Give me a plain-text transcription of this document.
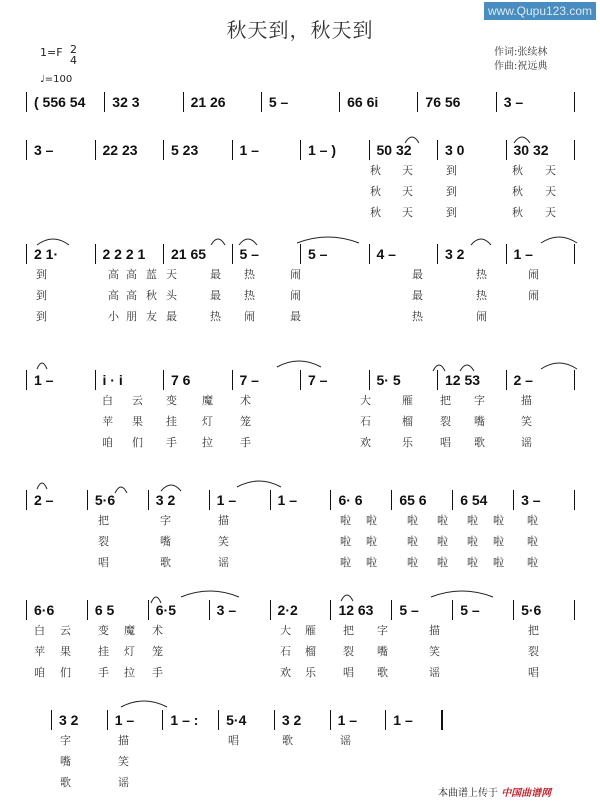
www.Qupu123.com
秋天到，秋天到
1=F 2
4
♩=100
作词:张续林
作曲:祝远典
( 556 54 32 3	21 26	5 –	66 6i	76 56	3 –
3 –	22 23 5 23	1 –	1 – )	50 32 3 0	30 32
秋 天	到	秋 天
秋 天	到	秋 天
秋 天	到	秋 天
2 1·	2 2 2 1 21 65 5 –	5 –	4 –	3 2	1 –
到	高 高 蓝 天	最 热	闹	最	热	闹
到	高 高 秋 头	最 热	闹	最	热	闹
到	小 朋 友 最	热 闹	最	热	闹
1 –	i · i	7 6	7 –	7 –	5· 5	12 53 2 –
白 云 变 魔 术	大	雁 把 字	描
苹 果 挂 灯 笼	石	榴 裂 嘴	笑
咱 们 手 拉 手	欢	乐 唱 歌	谣
2 –	5·6	3 2	1 –	1 –	6· 6	65 6 6 54 3 –
把	字	描	啦 啦	啦 啦 啦 啦 啦
裂	嘴	笑	啦 啦	啦 啦 啦 啦 啦
唱	歌	谣	啦 啦	啦 啦 啦 啦 啦
6·6	6 5	6·5	3 –	2·2	12 63 5 –	5 –	5·6
白 云 变 魔 术	大 雁 把 字	描	把
苹 果 挂 灯 笼	石 榴 裂 嘴	笑	裂
咱 们 手 拉 手	欢 乐 唱 歌	谣	唱
3 2	1 –	1 – : 5·4	3 2	1 –	1 –
字	描	唱	歌	谣
嘴	笑
歌	谣
本曲谱上传于 中国曲谱网
